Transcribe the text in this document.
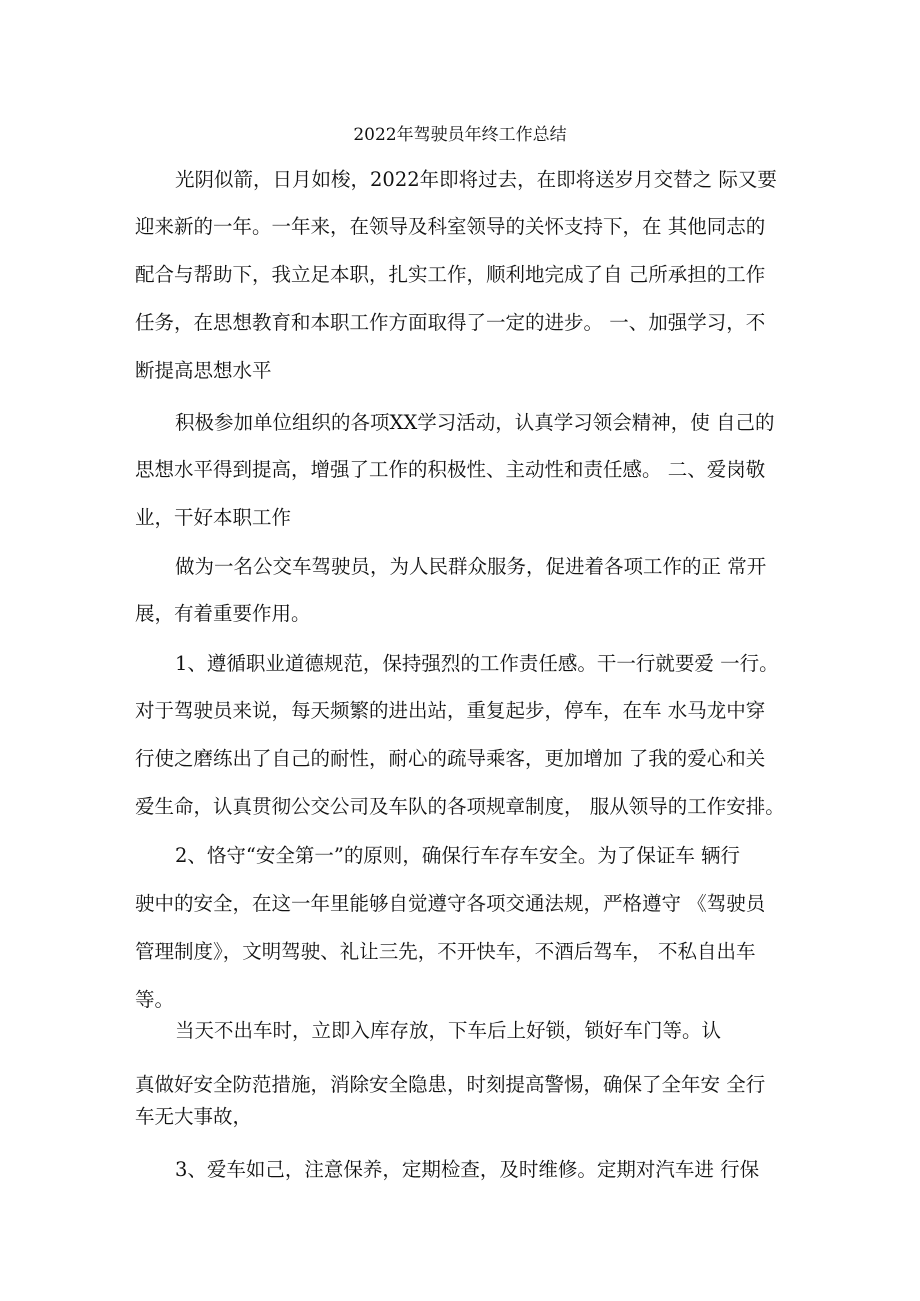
2022年驾驶员年终工作总结
光阴似箭，日月如梭，2022年即将过去，在即将送岁月交替之 际又要
迎来新的一年。一年来，在领导及科室领导的关怀支持下，在 其他同志的
配合与帮助下，我立足本职，扎实工作，顺利地完成了自 己所承担的工作
任务，在思想教育和本职工作方面取得了一定的进步。 一、加强学习，不
断提高思想水平
积极参加单位组织的各项XX学习活动，认真学习领会精神，使 自己的
思想水平得到提高，增强了工作的积极性、主动性和责任感。 二、爱岗敬
业，干好本职工作
做为一名公交车驾驶员，为人民群众服务，促进着各项工作的正 常开
展，有着重要作用。
1、遵循职业道德规范，保持强烈的工作责任感。干一行就要爱 一行。
对于驾驶员来说，每天频繁的进出站，重复起步，停车，在车 水马龙中穿
行使之磨练出了自己的耐性，耐心的疏导乘客，更加增加 了我的爱心和关
爱生命，认真贯彻公交公司及车队的各项规章制度， 服从领导的工作安排。
2、恪守“安全第一”的原则，确保行车存车安全。为了保证车 辆行
驶中的安全，在这一年里能够自觉遵守各项交通法规，严格遵守 《驾驶员
管理制度》，文明驾驶、礼让三先，不开快车，不酒后驾车， 不私自出车
等。
当天不出车时，立即入库存放，下车后上好锁，锁好车门等。认
真做好安全防范措施，消除安全隐患，时刻提高警惕，确保了全年安 全行
车无大事故，
3、爱车如己，注意保养，定期检查，及时维修。定期对汽车进 行保
